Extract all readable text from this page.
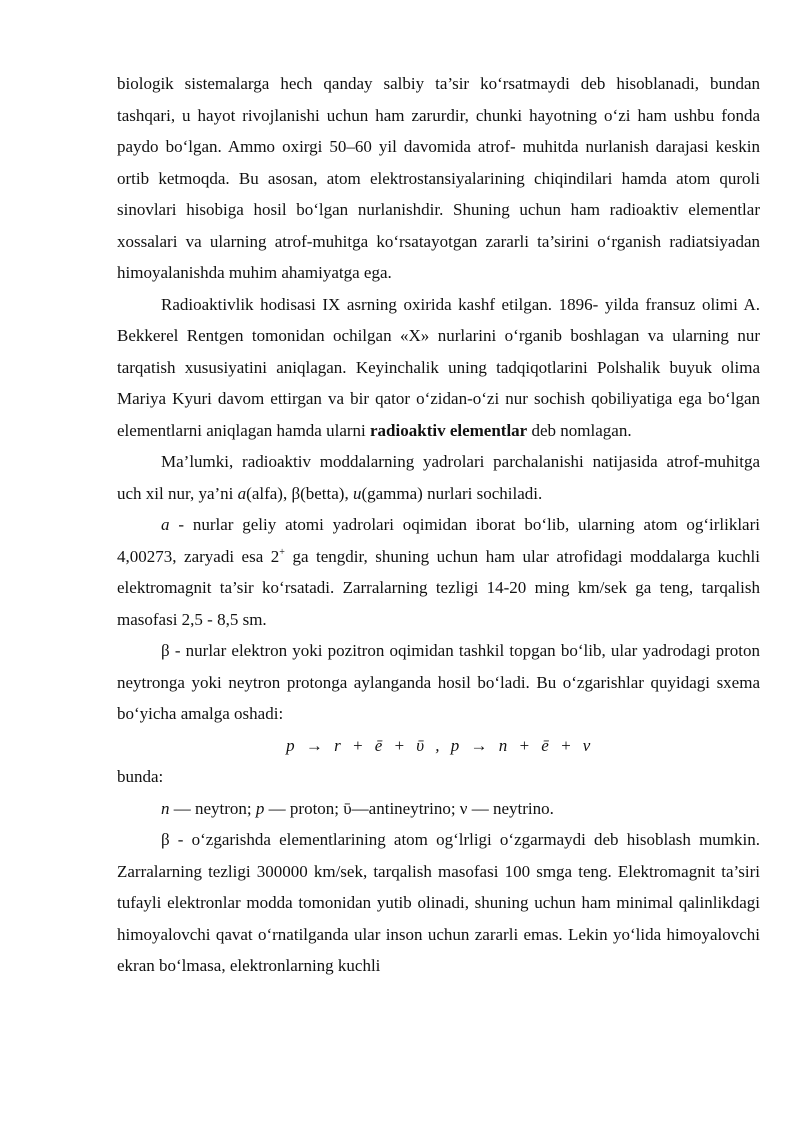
biologik sistemalarga hech qanday salbiy ta’sir ko‘rsatmaydi deb hisoblanadi, bundan tashqari, u hayot rivojlanishi uchun ham zarurdir, chunki hayotning o‘zi ham ushbu fonda paydo bo‘lgan. Ammo oxirgi 50–60 yil davomida atrof- muhitda nurlanish darajasi keskin ortib ketmoqda. Bu asosan, atom elektrostansiyalarining chiqindilari hamda atom quroli sinovlari hisobiga hosil bo‘lgan nurlanishdir. Shuning uchun ham radioaktiv elementlar xossalari va ularning atrof-muhitga ko‘rsatayotgan zararli ta’sirini o‘rganish radiatsiyadan himoyalanishda muhim ahamiyatga ega.

Radioaktivlik hodisasi IX asrning oxirida kashf etilgan. 1896- yilda fransuz olimi A. Bekkerel Rentgen tomonidan ochilgan «X» nurlarini o‘rganib boshlagan va ularning nur tarqatish xususiyatini aniqlagan. Keyinchalik uning tadqiqotlarini Polshalik buyuk olima Mariya Kyuri davom ettirgan va bir qator o‘zidan-o‘zi nur sochish qobiliyatiga ega bo‘lgan elementlarni aniqlagan hamda ularni radioaktiv elementlar deb nomlagan.

Ma’lumki, radioaktiv moddalarning yadrolari parchalanishi natijasida atrof-muhitga uch xil nur, ya’ni a(alfa), β(betta), u(gamma) nurlari sochiladi.

a - nurlar geliy atomi yadrolari oqimidan iborat bo‘lib, ularning atom og‘irliklari 4,00273, zaryadi esa 2+ ga tengdir, shuning uchun ham ular atrofidagi moddalarga kuchli elektromagnit ta’sir ko‘rsatadi. Zarralarning tezligi 14-20 ming km/sek ga teng, tarqalish masofasi 2,5 - 8,5 sm.

β - nurlar elektron yoki pozitron oqimidan tashkil topgan bo‘lib, ular yadrodagi proton neytronga yoki neytron protonga aylanganda hosil bo‘ladi. Bu o‘zgarishlar quyidagi sxema bo‘yicha amalga oshadi:

p → r + ē + ῡ , p → n + ē + ν

bunda:

n — neytron; p — proton; ῡ—antineytrino; ν — neytrino.

β - o‘zgarishda elementlarining atom og‘lrligi o‘zgarmaydi deb hisoblash mumkin. Zarralarning tezligi 300000 km/sek, tarqalish masofasi 100 smga teng. Elektromagnit ta’siri tufayli elektronlar modda tomonidan yutib olinadi, shuning uchun ham minimal qalinlikdagi himoyalovchi qavat o‘rnatilganda ular inson uchun zararli emas. Lekin yo‘lida himoyalovchi ekran bo‘lmasa, elektronlarning kuchli
